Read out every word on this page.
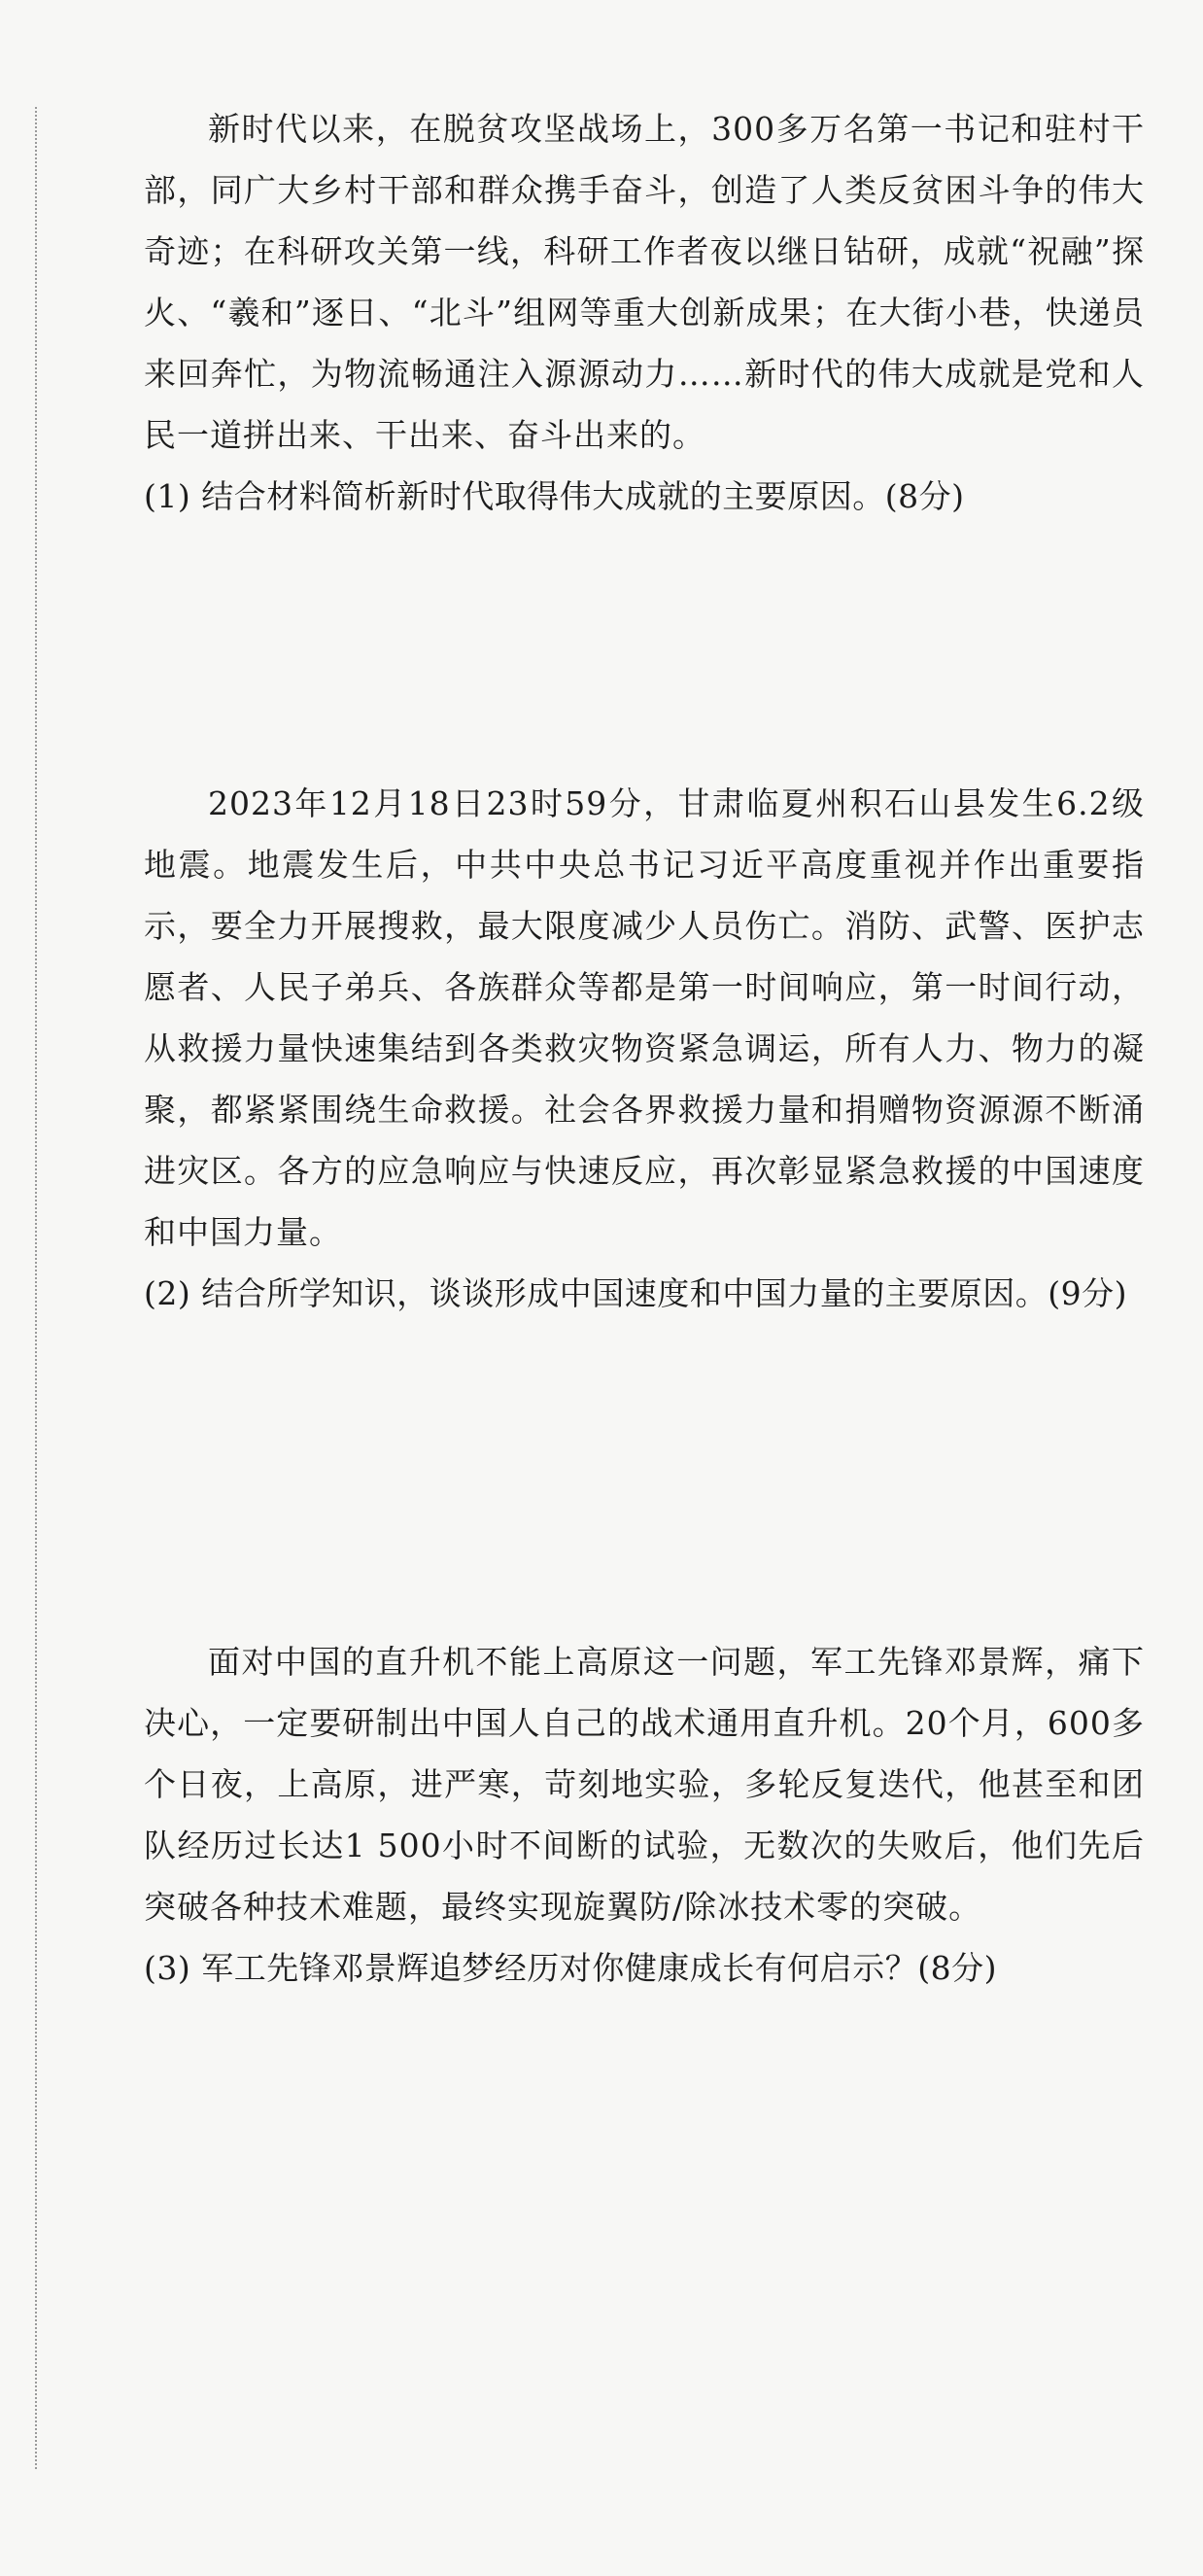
新时代以来，在脱贫攻坚战场上，300多万名第一书记和驻村干部，同广大乡村干部和群众携手奋斗，创造了人类反贫困斗争的伟大奇迹；在科研攻关第一线，科研工作者夜以继日钻研，成就“祝融”探火、“羲和”逐日、“北斗”组网等重大创新成果；在大街小巷，快递员来回奔忙，为物流畅通注入源源动力……新时代的伟大成就是党和人民一道拼出来、干出来、奋斗出来的。

(1) 结合材料简析新时代取得伟大成就的主要原因。(8分)

2023年12月18日23时59分，甘肃临夏州积石山县发生6.2级地震。地震发生后，中共中央总书记习近平高度重视并作出重要指示，要全力开展搜救，最大限度减少人员伤亡。消防、武警、医护志愿者、人民子弟兵、各族群众等都是第一时间响应，第一时间行动，从救援力量快速集结到各类救灾物资紧急调运，所有人力、物力的凝聚，都紧紧围绕生命救援。社会各界救援力量和捐赠物资源源不断涌进灾区。各方的应急响应与快速反应，再次彰显紧急救援的中国速度和中国力量。

(2) 结合所学知识，谈谈形成中国速度和中国力量的主要原因。(9分)

面对中国的直升机不能上高原这一问题，军工先锋邓景辉，痛下决心，一定要研制出中国人自己的战术通用直升机。20个月，600多个日夜，上高原，进严寒，苛刻地实验，多轮反复迭代，他甚至和团队经历过长达1 500小时不间断的试验，无数次的失败后，他们先后突破各种技术难题，最终实现旋翼防/除冰技术零的突破。

(3) 军工先锋邓景辉追梦经历对你健康成长有何启示？(8分)
